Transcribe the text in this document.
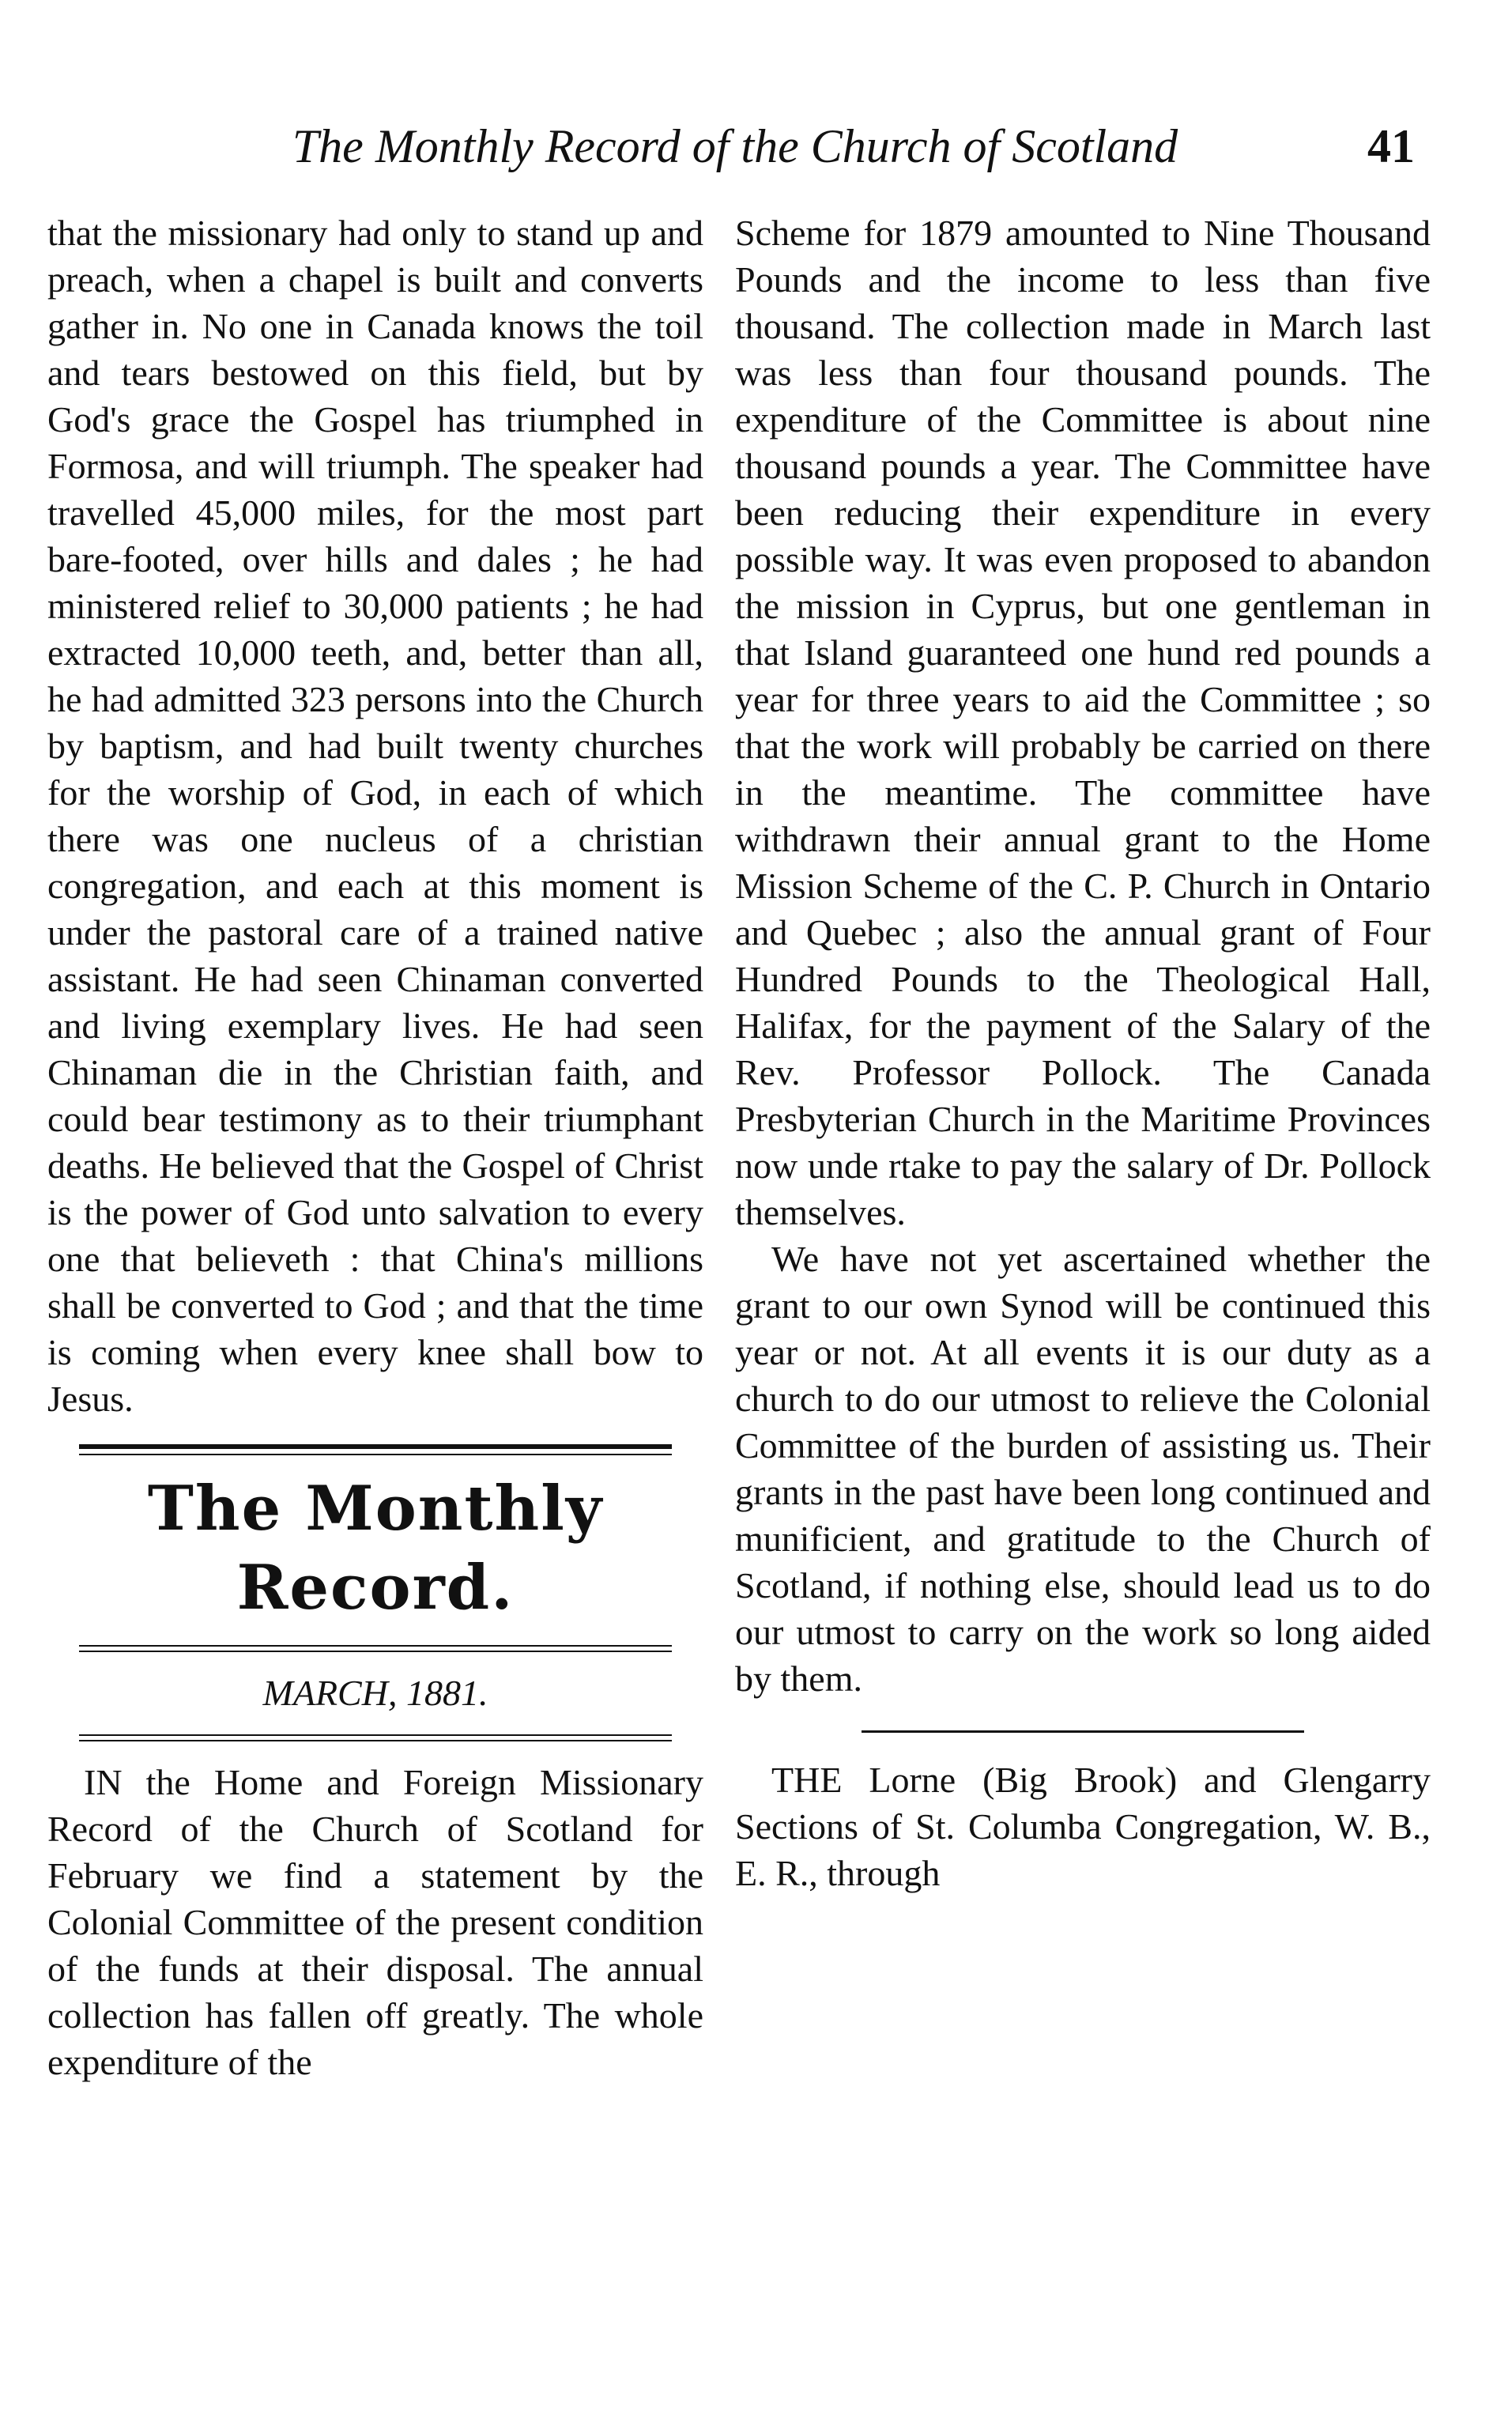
The Monthly Record of the Church of Scotland	41

that the missionary had only to stand up and preach, when a chapel is built and converts gather in. No one in Canada knows the toil and tears bestowed on this field, but by God's grace the Gospel has triumphed in Formosa, and will triumph. The speaker had travelled 45,000 miles, for the most part bare-footed, over hills and dales ; he had ministered relief to 30,000 patients ; he had extracted 10,000 teeth, and, better than all, he had admitted 323 persons into the Church by baptism, and had built twenty churches for the worship of God, in each of which there was one nucleus of a christian congregation, and each at this moment is under the pastoral care of a trained native assistant. He had seen Chinaman converted and living exemplary lives. He had seen Chinaman die in the Christian faith, and could bear testimony as to their triumphant deaths. He believed that the Gospel of Christ is the power of God unto salvation to every one that believeth : that China's millions shall be converted to God ; and that the time is coming when every knee shall bow to Jesus.

The Monthly Record.
MARCH, 1881.

IN the Home and Foreign Missionary Record of the Church of Scotland for February we find a statement by the Colonial Committee of the present condition of the funds at their disposal. The annual collection has fallen off greatly. The whole expenditure of the

Scheme for 1879 amounted to Nine Thousand Pounds and the income to less than five thousand. The collection made in March last was less than four thousand pounds. The expenditure of the Committee is about nine thousand pounds a year. The Committee have been reducing their expenditure in every possible way. It was even proposed to abandon the mission in Cyprus, but one gentleman in that Island guaranteed one hund red pounds a year for three years to aid the Committee ; so that the work will probably be carried on there in the meantime. The committee have withdrawn their annual grant to the Home Mission Scheme of the C. P. Church in Ontario and Quebec ; also the annual grant of Four Hundred Pounds to the Theological Hall, Halifax, for the payment of the Salary of the Rev. Professor Pollock. The Canada Presbyterian Church in the Maritime Provinces now unde rtake to pay the salary of Dr. Pollock themselves.

We have not yet ascertained whether the grant to our own Synod will be continued this year or not. At all events it is our duty as a church to do our utmost to relieve the Colonial Committee of the burden of assisting us. Their grants in the past have been long continued and munificient, and gratitude to the Church of Scotland, if nothing else, should lead us to do our utmost to carry on the work so long aided by them.

THE Lorne (Big Brook) and Glengarry Sections of St. Columba Congregation, W. B., E. R., through
